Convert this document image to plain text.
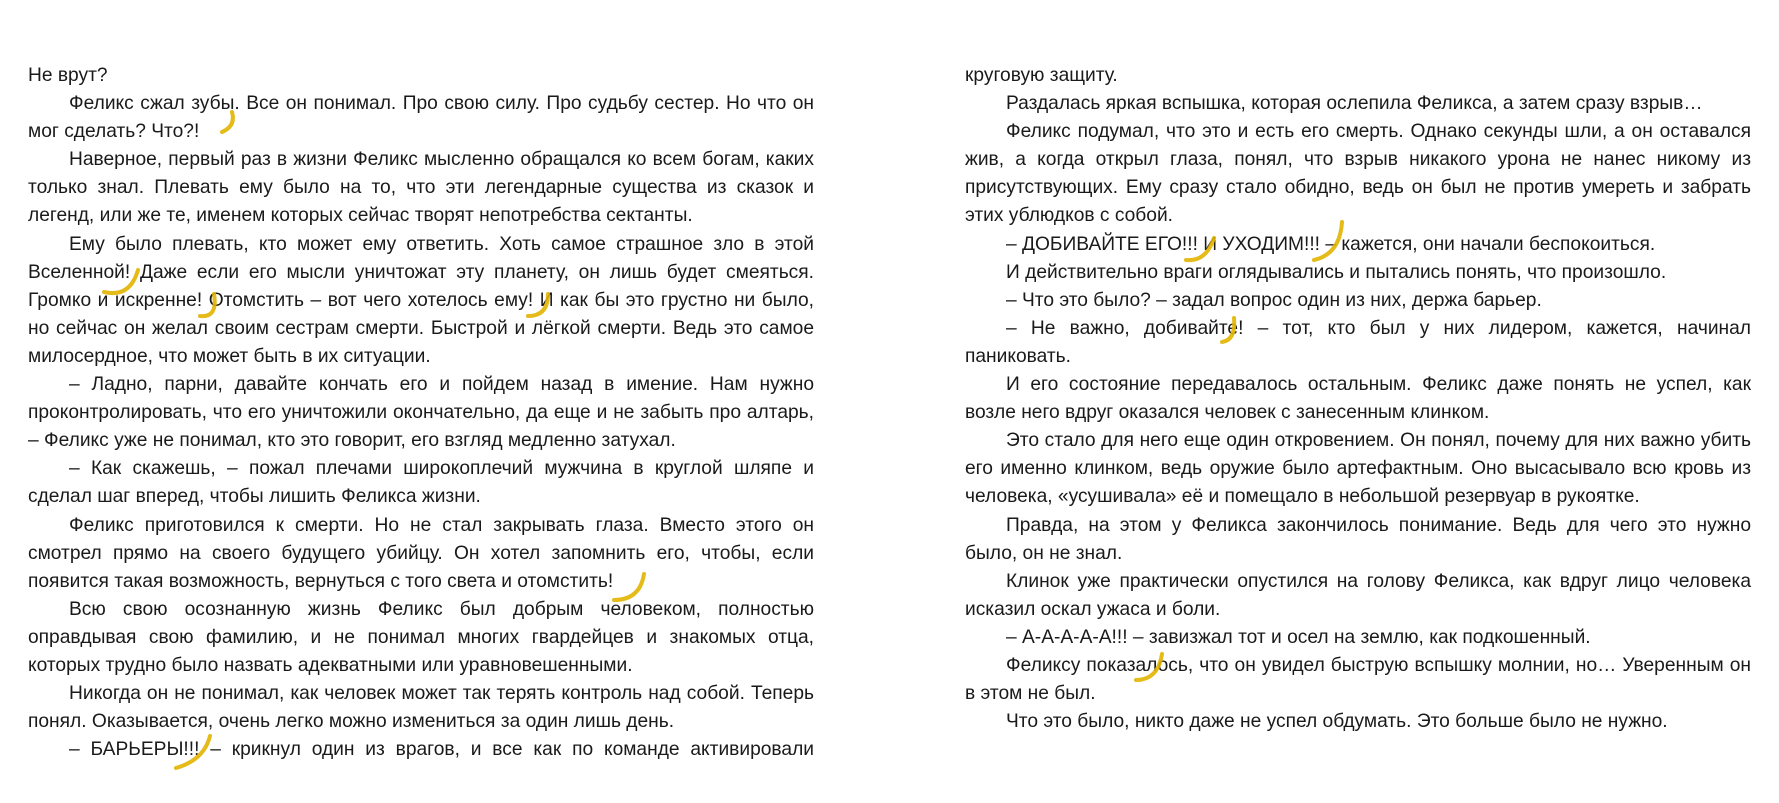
Не врут?

Феликс сжал зубы. Все он понимал. Про свою силу. Про судьбу сестер. Но что он мог сделать? Что?!

Наверное, первый раз в жизни Феликс мысленно обращался ко всем богам, каких только знал. Плевать ему было на то, что эти легендарные существа из сказок и легенд, или же те, именем которых сейчас творят непотребства сектанты.

Ему было плевать, кто может ему ответить. Хоть самое страшное зло в этой Вселенной! Даже если его мысли уничтожат эту планету, он лишь будет смеяться. Громко и искренне! Отомстить – вот чего хотелось ему! И как бы это грустно ни было, но сейчас он желал своим сестрам смерти. Быстрой и лёгкой смерти. Ведь это самое милосердное, что может быть в их ситуации.

– Ладно, парни, давайте кончать его и пойдем назад в имение. Нам нужно проконтролировать, что его уничтожили окончательно, да еще и не забыть про алтарь, – Феликс уже не понимал, кто это говорит, его взгляд медленно затухал.

– Как скажешь, – пожал плечами широкоплечий мужчина в круглой шляпе и сделал шаг вперед, чтобы лишить Феликса жизни.

Феликс приготовился к смерти. Но не стал закрывать глаза. Вместо этого он смотрел прямо на своего будущего убийцу. Он хотел запомнить его, чтобы, если появится такая возможность, вернуться с того света и отомстить!

Всю свою осознанную жизнь Феликс был добрым человеком, полностью оправдывая свою фамилию, и не понимал многих гвардейцев и знакомых отца, которых трудно было назвать адекватными или уравновешенными.

Никогда он не понимал, как человек может так терять контроль над собой. Теперь понял. Оказывается, очень легко можно измениться за один лишь день.

– БАРЬЕРЫ!!! – крикнул один из врагов, и все как по команде активировали

круговую защиту.

Раздалась яркая вспышка, которая ослепила Феликса, а затем сразу взрыв…

Феликс подумал, что это и есть его смерть. Однако секунды шли, а он оставался жив, а когда открыл глаза, понял, что взрыв никакого урона не нанес никому из присутствующих. Ему сразу стало обидно, ведь он был не против умереть и забрать этих ублюдков с собой.

– ДОБИВАЙТЕ ЕГО!!! И УХОДИМ!!! – кажется, они начали беспокоиться.

И действительно враги оглядывались и пытались понять, что произошло.

– Что это было? – задал вопрос один из них, держа барьер.

– Не важно, добивайте! – тот, кто был у них лидером, кажется, начинал паниковать.

И его состояние передавалось остальным. Феликс даже понять не успел, как возле него вдруг оказался человек с занесенным клинком.

Это стало для него еще один откровением. Он понял, почему для них важно убить его именно клинком, ведь оружие было артефактным. Оно высасывало всю кровь из человека, «усушивала» её и помещало в небольшой резервуар в рукоятке.

Правда, на этом у Феликса закончилось понимание. Ведь для чего это нужно было, он не знал.

Клинок уже практически опустился на голову Феликса, как вдруг лицо человека исказил оскал ужаса и боли.

– А-А-А-А-А!!! – завизжал тот и осел на землю, как подкошенный.

Феликсу показалось, что он увидел быструю вспышку молнии, но… Уверенным он в этом не был.

Что это было, никто даже не успел обдумать. Это больше было не нужно.
